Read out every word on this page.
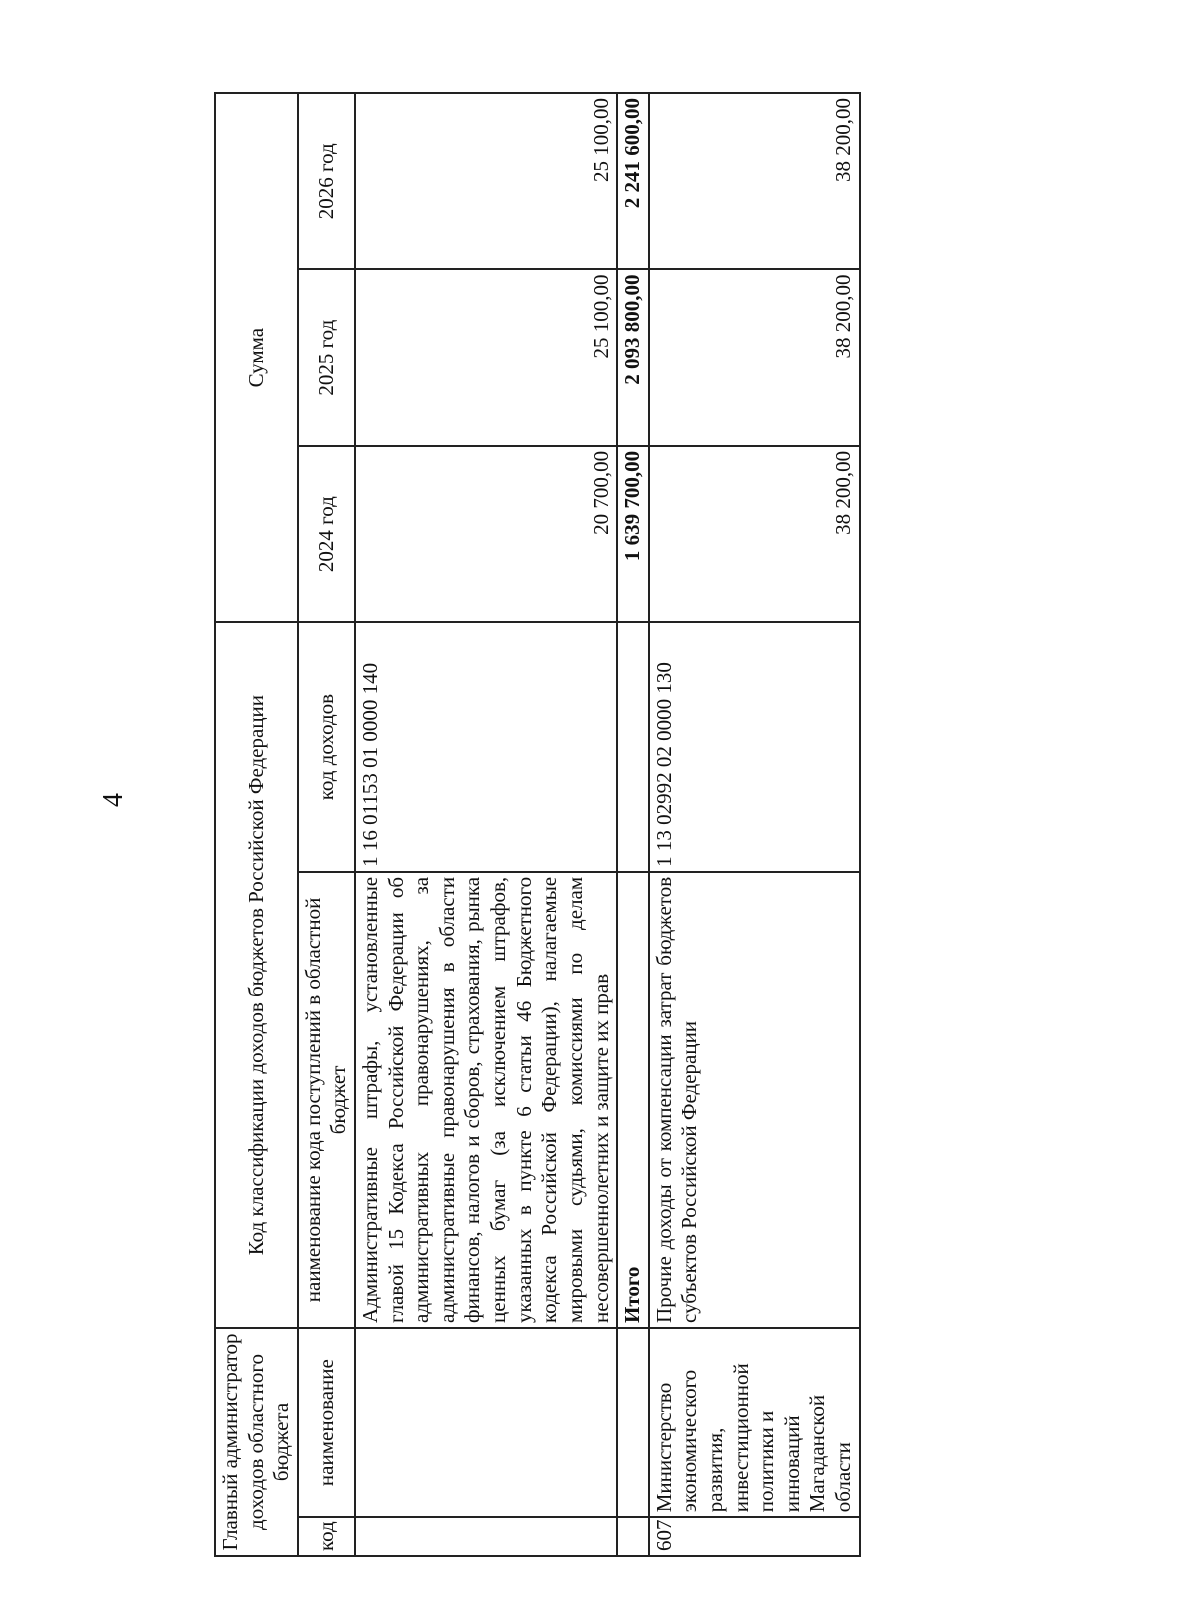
4
Главный администратор доходов областного бюджета		Код классификации доходов бюджетов Российской Федерации		Сумма		
код	наименование	наименование кода поступлений в областной бюджет	код доходов	2024 год	2025 год	2026 год
		Административные штрафы, установленные главой 15 Кодекса Российской Федерации об административных правонарушениях, за административные правонарушения в области финансов, налогов и сборов, страхования, рынка ценных бумаг (за исключением штрафов, указанных в пункте 6 статьи 46 Бюджетного кодекса Российской Федерации), налагаемые мировыми судьями, комиссиями по делам несовершеннолетних и защите их прав	1 16 01153 01 0000 140	20 700,00	25 100,00	25 100,00
		Итого		1 639 700,00	2 093 800,00	2 241 600,00
607	Министерство экономического развития, инвестиционной политики и инноваций Магаданской области	Прочие доходы от компенсации затрат бюджетов субъектов Российской Федерации	1 13 02992 02 0000 130	38 200,00	38 200,00	38 200,00
